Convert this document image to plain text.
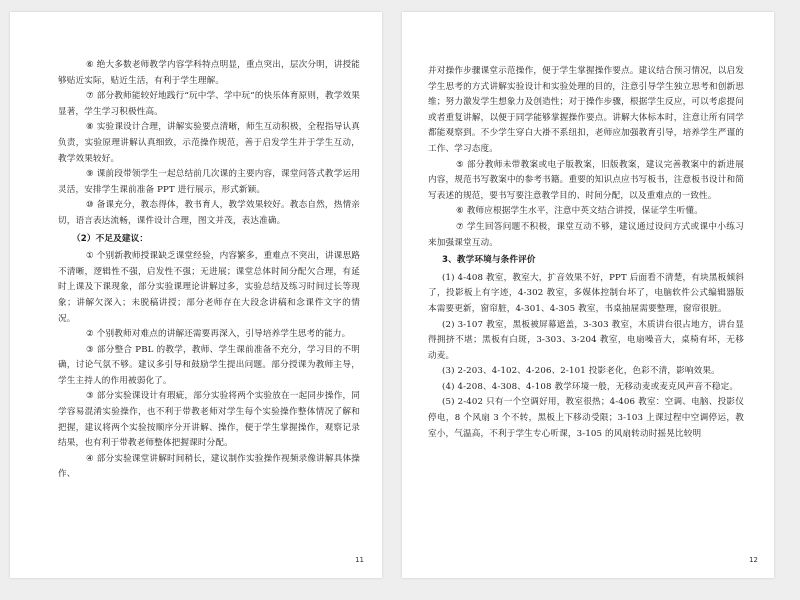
⑥ 绝大多数老师教学内容学科特点明显，重点突出，层次分明，讲授能够贴近实际，贴近生活，有利于学生理解。

⑦ 部分教师能较好地践行“玩中学、学中玩”的快乐体育原则，教学效果显著，学生学习积极性高。

⑧ 实验课设计合理，讲解实验要点清晰，师生互动积极，全程指导认真负责，实验原理讲解认真细致，示范操作规范，善于启发学生并于学生互动，教学效果较好。

⑨ 课前段带领学生一起总结前几次课的主要内容，课堂问答式教学运用灵活，安排学生课前准备 PPT 进行展示，形式新颖。

⑩ 备课充分，教态得体，教书育人，教学效果较好。教态自然，热情亲切，语言表达流畅，课件设计合理，图文并茂，表达准确。

（2）不足及建议：

① 个别新教师授课缺乏课堂经验，内容繁多，重难点不突出，讲课思路不清晰，逻辑性不强，启发性不强；无进展；课堂总体时间分配欠合理，有延时上课及下课现象，部分实验课理论讲解过多，实验总结及练习时间过长等现象；讲解欠深入；未脱稿讲授；部分老师存在大段念讲稿和念课件文字的情况。

② 个别教师对难点的讲解还需要再深入，引导培养学生思考的能力。

③ 部分整合 PBL 的教学，教师、学生课前准备不充分，学习目的不明确，讨论气氛不够。建议多引导和鼓励学生提出问题。部分授课为教师主导，学生主持人的作用被弱化了。

③ 部分实验课设计有瑕疵，部分实验将两个实验放在一起同步操作，同学容易混淆实验操作，也不利于带教老师对学生每个实验操作整体情况了解和把握，建议将两个实验按顺序分开讲解、操作，便于学生掌握操作，观察记录结果，也有利于带教老师整体把握课时分配。

④ 部分实验课堂讲解时间稍长，建议制作实验操作视频录像讲解具体操作、

11

并对操作步骤课堂示范操作，便于学生掌握操作要点。建议结合预习情况，以启发学生思考的方式讲解实验设计和实验处理的目的，注意引导学生独立思考和创新思维；努力激发学生想象力及创造性；对于操作步骤，根据学生反应，可以考虑提问或者重复讲解，以便于同学能够掌握操作要点。讲解大体标本时，注意让所有同学都能观察到。不少学生穿白大褂不系纽扣，老师应加强教育引导，培养学生严谨的工作、学习态度。

⑤ 部分教师未带教案或电子版教案，旧版教案，建议完善教案中的新进展内容，规范书写教案中的参考书籍。重要的知识点应书写板书，注意板书设计和简写表述的规范，要书写要注意教学目的、时间分配，以及重难点的一致性。

⑥ 教师应根据学生水平，注意中英文结合讲授，保证学生听懂。

⑦ 学生回答问题不积极，课堂互动不够，建议通过设问方式或课中小练习来加强课堂互动。

3、教学环境与条件评价

(1) 4-408 教室，教室大，扩音效果不好，PPT 后面看不清楚，有块黑板倾斜了，投影板上有字迹，4-302 教室，多媒体控制台坏了，电脑软件公式编辑器版本需要更新，窗帘脏，4-301、4-305 教室，书桌抽屉需要整理，窗帘很脏。

(2) 3-107 教室，黑板被屏幕遮盖，3-303 教室，木质讲台很占地方，讲台显得拥挤不堪；黑板有白斑，3-303、3-204 教室，电扇噪音大，桌椅有坏，无移动麦。

(3) 2-203、4-102、4-206、2-101 投影老化，色彩不清，影响效果。

(4) 4-208、4-308、4-108 教学环境一般，无移动麦或麦克风声音不稳定。

(5) 2-402 只有一个空调好用，教室很热；4-406 教室：空调、电脑、投影仪停电，8 个风扇 3 个不转，黑板上下移动受限；3-103 上课过程中空调停运，教室小，气温高，不利于学生专心听课，3-105 的风扇转动时摇晃比较明

12
